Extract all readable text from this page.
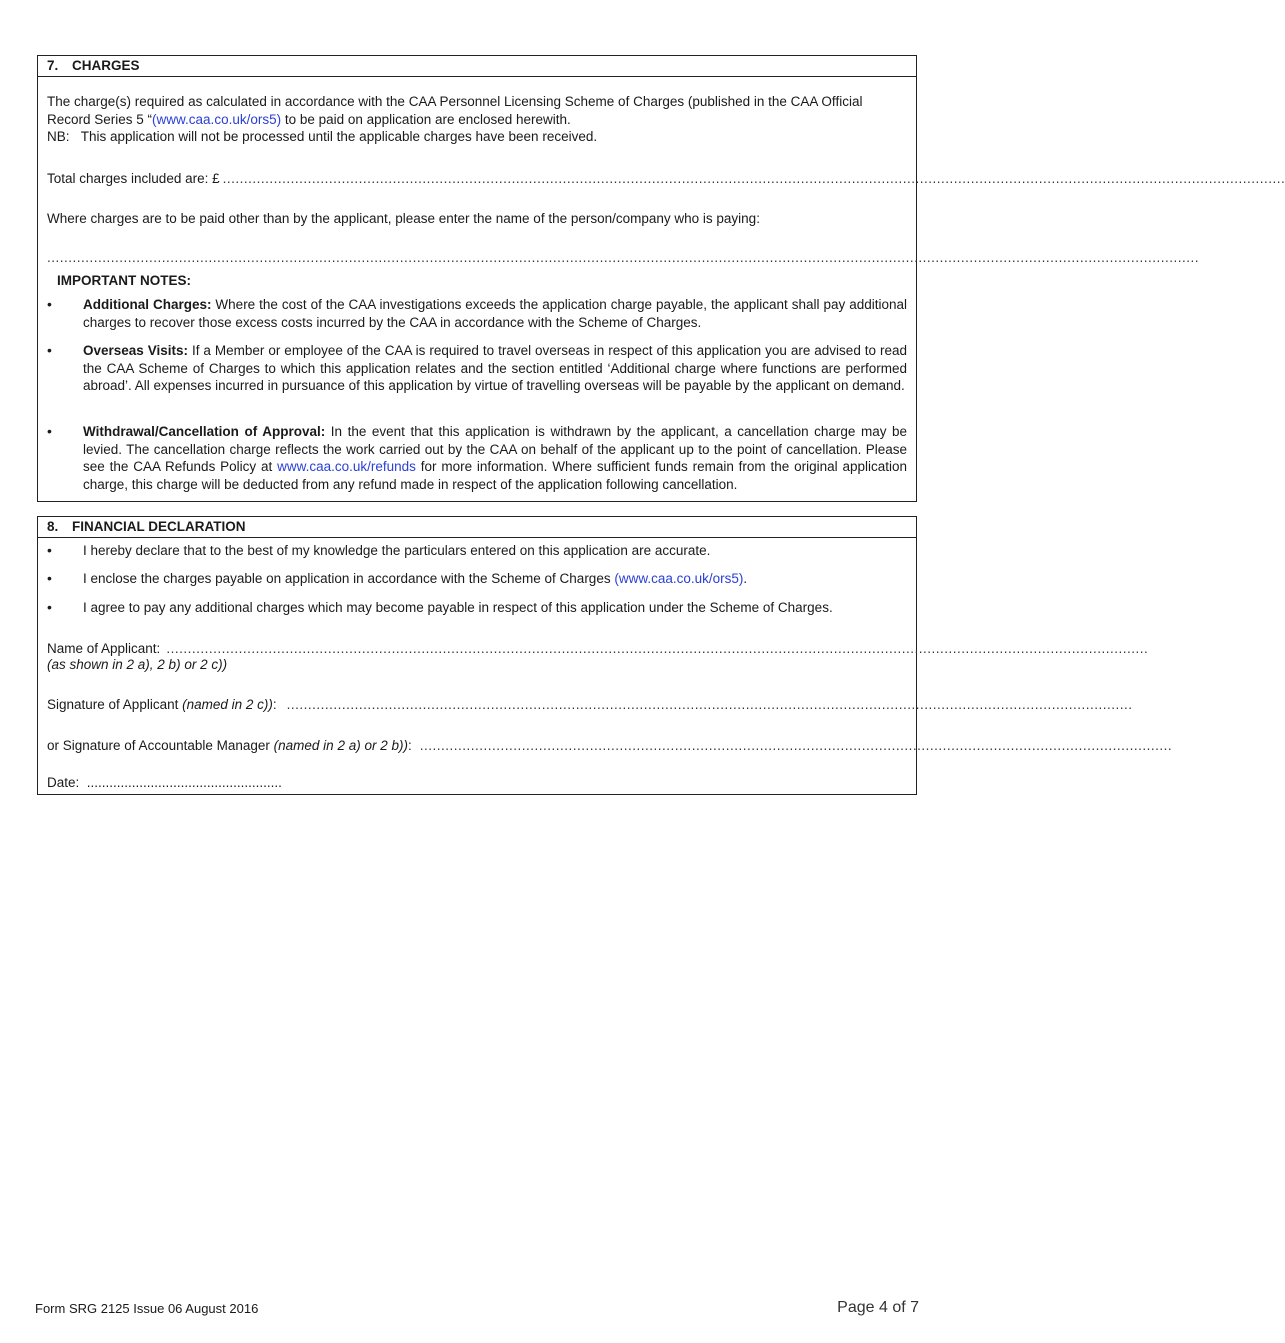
7. CHARGES
The charge(s) required as calculated in accordance with the CAA Personnel Licensing Scheme of Charges (published in the CAA Official Record Series 5 “(www.caa.co.uk/ors5) to be paid on application are enclosed herewith.
NB: This application will not be processed until the applicable charges have been received.
Total charges included are: £ ..........................................................................................................................................................................................................................................................
Where charges are to be paid other than by the applicant, please enter the name of the person/company who is paying:
...............................................................................................................................................................................................................................................................................
IMPORTANT NOTES:
• Additional Charges: Where the cost of the CAA investigations exceeds the application charge payable, the applicant shall pay additional charges to recover those excess costs incurred by the CAA in accordance with the Scheme of Charges.
• Overseas Visits: If a Member or employee of the CAA is required to travel overseas in respect of this application you are advised to read the CAA Scheme of Charges to which this application relates and the section entitled ‘Additional charge where functions are performed abroad’. All expenses incurred in pursuance of this application by virtue of travelling overseas will be payable by the applicant on demand.
• Withdrawal/Cancellation of Approval: In the event that this application is withdrawn by the applicant, a cancellation charge may be levied. The cancellation charge reflects the work carried out by the CAA on behalf of the applicant up to the point of cancellation. Please see the CAA Refunds Policy at www.caa.co.uk/refunds for more information. Where sufficient funds remain from the original application charge, this charge will be deducted from any refund made in respect of the application following cancellation.
8. FINANCIAL DECLARATION
• I hereby declare that to the best of my knowledge the particulars entered on this application are accurate.
• I enclose the charges payable on application in accordance with the Scheme of Charges (www.caa.co.uk/ors5).
• I agree to pay any additional charges which may become payable in respect of this application under the Scheme of Charges.
Name of Applicant: .......................................................................................................................................................................................................................................
(as shown in 2 a), 2 b) or 2 c))
Signature of Applicant (named in 2 c)): .......................................................................................................................................................................................................
or Signature of Accountable Manager (named in 2 a) or 2 b)): .................................................................................................................................................................................
Date: ....................................................
Form SRG 2125 Issue 06 August 2016	Page 4 of 7
